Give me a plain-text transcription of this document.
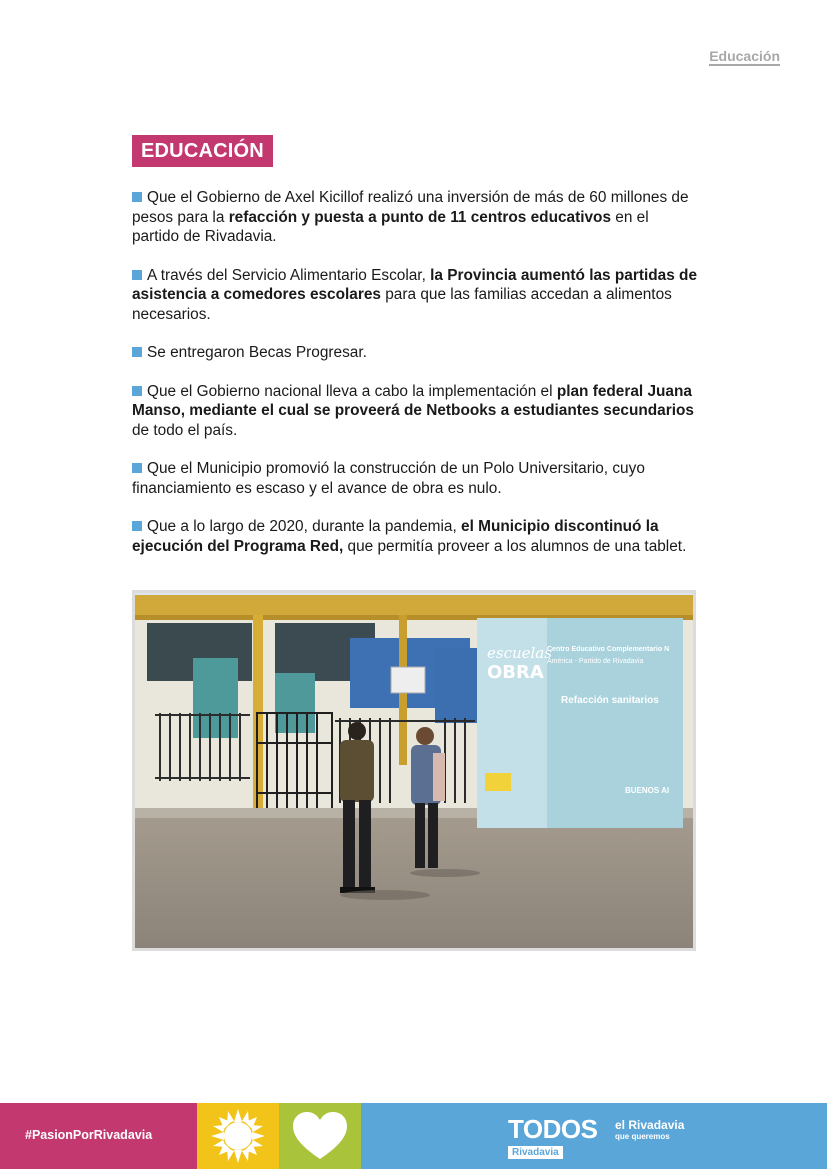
Educación
EDUCACIÓN

Que el Gobierno de Axel Kicillof realizó una inversión de más de 60 millones de pesos para la refacción y puesta a punto de 11 centros educativos en el partido de Rivadavia.

A través del Servicio Alimentario Escolar, la Provincia aumentó las partidas de asistencia a comedores escolares para que las familias accedan a alimentos necesarios.

Se entregaron Becas Progresar.

Que el Gobierno nacional lleva a cabo la implementación el plan federal Juana Manso, mediante el cual se proveerá de Netbooks a estudiantes secundarios de todo el país.

Que el Municipio promovió la construcción de un Polo Universitario, cuyo financiamiento es escaso y el avance de obra es nulo.

Que a lo largo de 2020, durante la pandemia, el Municipio discontinuó la ejecución del Programa Red, que permitía proveer a los alumnos de una tablet.

escuelas
OBRA
Centro Educativo Complementario N
América - Partido de Rivadavia
Refacción sanitarios
BUENOS AI
#PasionPorRivadavia	TODOS
Rivadavia
el Rivadavia
que queremos
